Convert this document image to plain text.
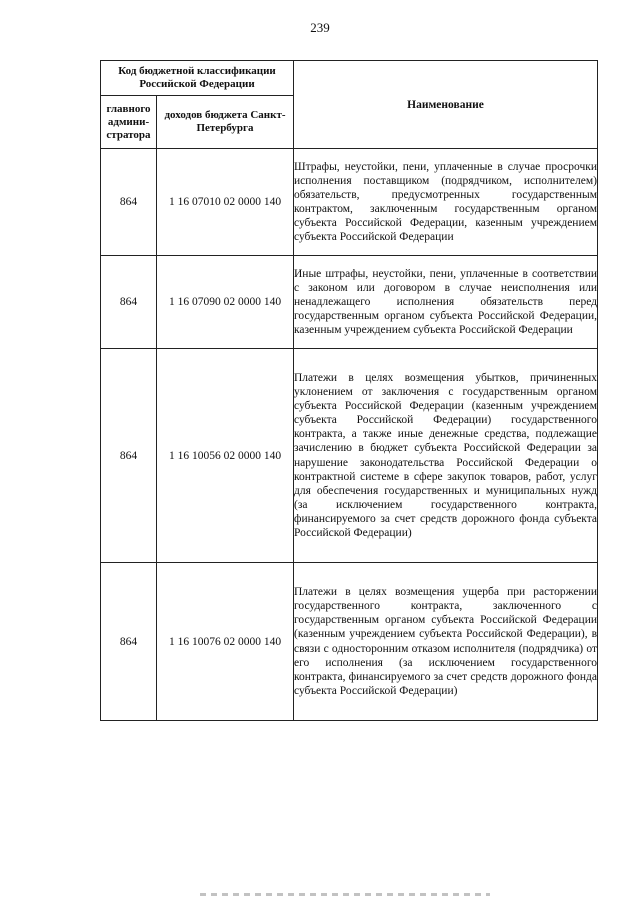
239
Код бюджетной классификации Российской Федерации		Наименование
главного админи-стратора	доходов бюджета Санкт-Петербурга	
864	1 16 07010 02 0000 140	Штрафы, неустойки, пени, уплаченные в случае просрочки исполнения поставщиком (подрядчиком, исполнителем) обязательств, предусмотренных государственным контрактом, заключенным государственным органом субъекта Российской Федерации, казенным учреждением субъекта Российской Федерации
864	1 16 07090 02 0000 140	Иные штрафы, неустойки, пени, уплаченные в соответствии с законом или договором в случае неисполнения или ненадлежащего исполнения обязательств перед государственным органом субъекта Российской Федерации, казенным учреждением субъекта Российской Федерации
864	1 16 10056 02 0000 140	Платежи в целях возмещения убытков, причиненных уклонением от заключения с государственным органом субъекта Российской Федерации (казенным учреждением субъекта Российской Федерации) государственного контракта, а также иные денежные средства, подлежащие зачислению в бюджет субъекта Российской Федерации за нарушение законодательства Российской Федерации о контрактной системе в сфере закупок товаров, работ, услуг для обеспечения государственных и муниципальных нужд (за исключением государственного контракта, финансируемого за счет средств дорожного фонда субъекта Российской Федерации)
864	1 16 10076 02 0000 140	Платежи в целях возмещения ущерба при расторжении государственного контракта, заключенного с государственным органом субъекта Российской Федерации (казенным учреждением субъекта Российской Федерации), в связи с односторонним отказом исполнителя (подрядчика) от его исполнения (за исключением государственного контракта, финансируемого за счет средств дорожного фонда субъекта Российской Федерации)
